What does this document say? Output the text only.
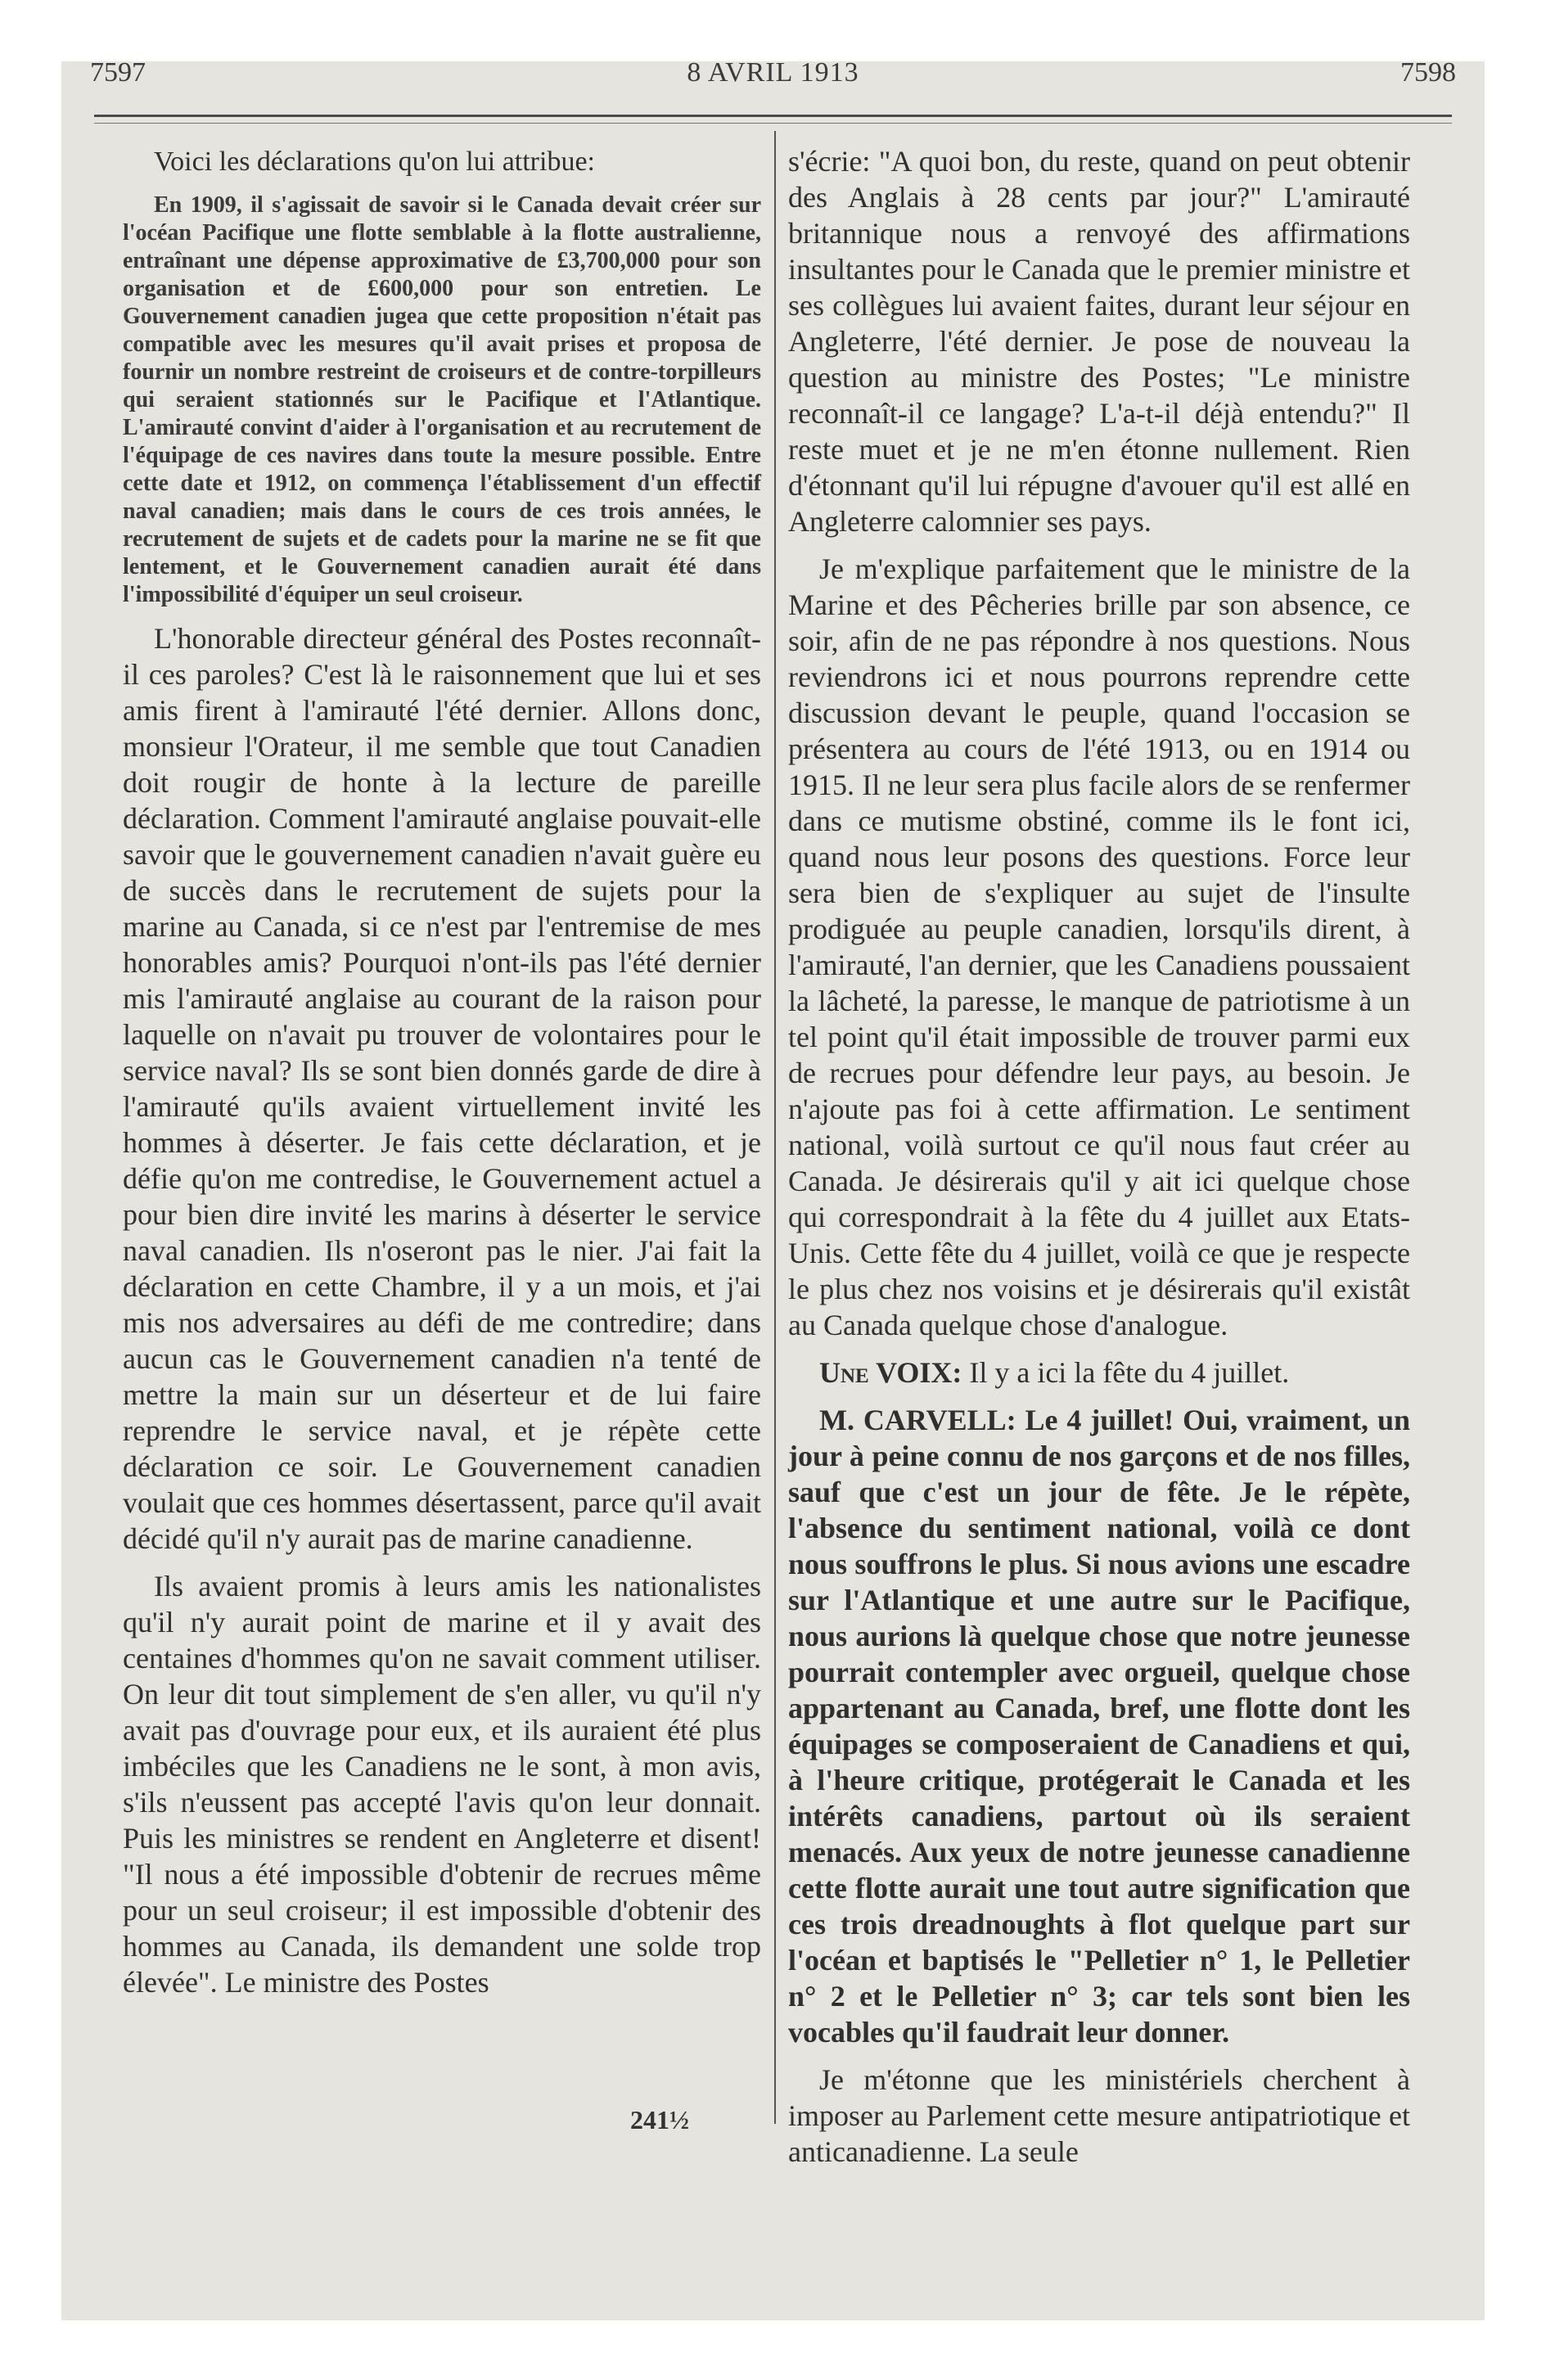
7597	8 AVRIL 1913	7598

Voici les déclarations qu'on lui attribue:

En 1909, il s'agissait de savoir si le Canada devait créer sur l'océan Pacifique une flotte semblable à la flotte australienne, entraînant une dépense approximative de £3,700,000 pour son organisation et de £600,000 pour son entretien. Le Gouvernement canadien jugea que cette proposition n'était pas compatible avec les mesures qu'il avait prises et proposa de fournir un nombre restreint de croiseurs et de contre-torpilleurs qui seraient stationnés sur le Pacifique et l'Atlantique. L'amirauté convint d'aider à l'organisation et au recrutement de l'équipage de ces navires dans toute la mesure possible. Entre cette date et 1912, on commença l'établissement d'un effectif naval canadien; mais dans le cours de ces trois années, le recrutement de sujets et de cadets pour la marine ne se fit que lentement, et le Gouvernement canadien aurait été dans l'impossibilité d'équiper un seul croiseur.

L'honorable directeur général des Postes reconnaît-il ces paroles? C'est là le raisonnement que lui et ses amis firent à l'amirauté l'été dernier. Allons donc, monsieur l'Orateur, il me semble que tout Canadien doit rougir de honte à la lecture de pareille déclaration. Comment l'amirauté anglaise pouvait-elle savoir que le gouvernement canadien n'avait guère eu de succès dans le recrutement de sujets pour la marine au Canada, si ce n'est par l'entremise de mes honorables amis? Pourquoi n'ont-ils pas l'été dernier mis l'amirauté anglaise au courant de la raison pour laquelle on n'avait pu trouver de volontaires pour le service naval? Ils se sont bien donnés garde de dire à l'amirauté qu'ils avaient virtuellement invité les hommes à déserter. Je fais cette déclaration, et je défie qu'on me contredise, le Gouvernement actuel a pour bien dire invité les marins à déserter le service naval canadien. Ils n'oseront pas le nier. J'ai fait la déclaration en cette Chambre, il y a un mois, et j'ai mis nos adversaires au défi de me contredire; dans aucun cas le Gouvernement canadien n'a tenté de mettre la main sur un déserteur et de lui faire reprendre le service naval, et je répète cette déclaration ce soir. Le Gouvernement canadien voulait que ces hommes désertassent, parce qu'il avait décidé qu'il n'y aurait pas de marine canadienne.

Ils avaient promis à leurs amis les nationalistes qu'il n'y aurait point de marine et il y avait des centaines d'hommes qu'on ne savait comment utiliser. On leur dit tout simplement de s'en aller, vu qu'il n'y avait pas d'ouvrage pour eux, et ils auraient été plus imbéciles que les Canadiens ne le sont, à mon avis, s'ils n'eussent pas accepté l'avis qu'on leur donnait. Puis les ministres se rendent en Angleterre et disent! "Il nous a été impossible d'obtenir de recrues même pour un seul croiseur; il est impossible d'obtenir des hommes au Canada, ils demandent une solde trop élevée". Le ministre des Postes

s'écrie: "A quoi bon, du reste, quand on peut obtenir des Anglais à 28 cents par jour?" L'amirauté britannique nous a renvoyé des affirmations insultantes pour le Canada que le premier ministre et ses collègues lui avaient faites, durant leur séjour en Angleterre, l'été dernier. Je pose de nouveau la question au ministre des Postes; "Le ministre reconnaît-il ce langage? L'a-t-il déjà entendu?" Il reste muet et je ne m'en étonne nullement. Rien d'étonnant qu'il lui répugne d'avouer qu'il est allé en Angleterre calomnier ses pays.

Je m'explique parfaitement que le ministre de la Marine et des Pêcheries brille par son absence, ce soir, afin de ne pas répondre à nos questions. Nous reviendrons ici et nous pourrons reprendre cette discussion devant le peuple, quand l'occasion se présentera au cours de l'été 1913, ou en 1914 ou 1915. Il ne leur sera plus facile alors de se renfermer dans ce mutisme obstiné, comme ils le font ici, quand nous leur posons des questions. Force leur sera bien de s'expliquer au sujet de l'insulte prodiguée au peuple canadien, lorsqu'ils dirent, à l'amirauté, l'an dernier, que les Canadiens poussaient la lâcheté, la paresse, le manque de patriotisme à un tel point qu'il était impossible de trouver parmi eux de recrues pour défendre leur pays, au besoin. Je n'ajoute pas foi à cette affirmation. Le sentiment national, voilà surtout ce qu'il nous faut créer au Canada. Je désirerais qu'il y ait ici quelque chose qui correspondrait à la fête du 4 juillet aux Etats-Unis. Cette fête du 4 juillet, voilà ce que je respecte le plus chez nos voisins et je désirerais qu'il existât au Canada quelque chose d'analogue.

Une VOIX: Il y a ici la fête du 4 juillet.

M. CARVELL: Le 4 juillet! Oui, vraiment, un jour à peine connu de nos garçons et de nos filles, sauf que c'est un jour de fête. Je le répète, l'absence du sentiment national, voilà ce dont nous souffrons le plus. Si nous avions une escadre sur l'Atlantique et une autre sur le Pacifique, nous aurions là quelque chose que notre jeunesse pourrait contempler avec orgueil, quelque chose appartenant au Canada, bref, une flotte dont les équipages se composeraient de Canadiens et qui, à l'heure critique, protégerait le Canada et les intérêts canadiens, partout où ils seraient menacés. Aux yeux de notre jeunesse canadienne cette flotte aurait une tout autre signification que ces trois dreadnoughts à flot quelque part sur l'océan et baptisés le "Pelletier n° 1, le Pelletier n° 2 et le Pelletier n° 3; car tels sont bien les vocables qu'il faudrait leur donner.

Je m'étonne que les ministériels cherchent à imposer au Parlement cette mesure antipatriotique et anticanadienne. La seule

241½
